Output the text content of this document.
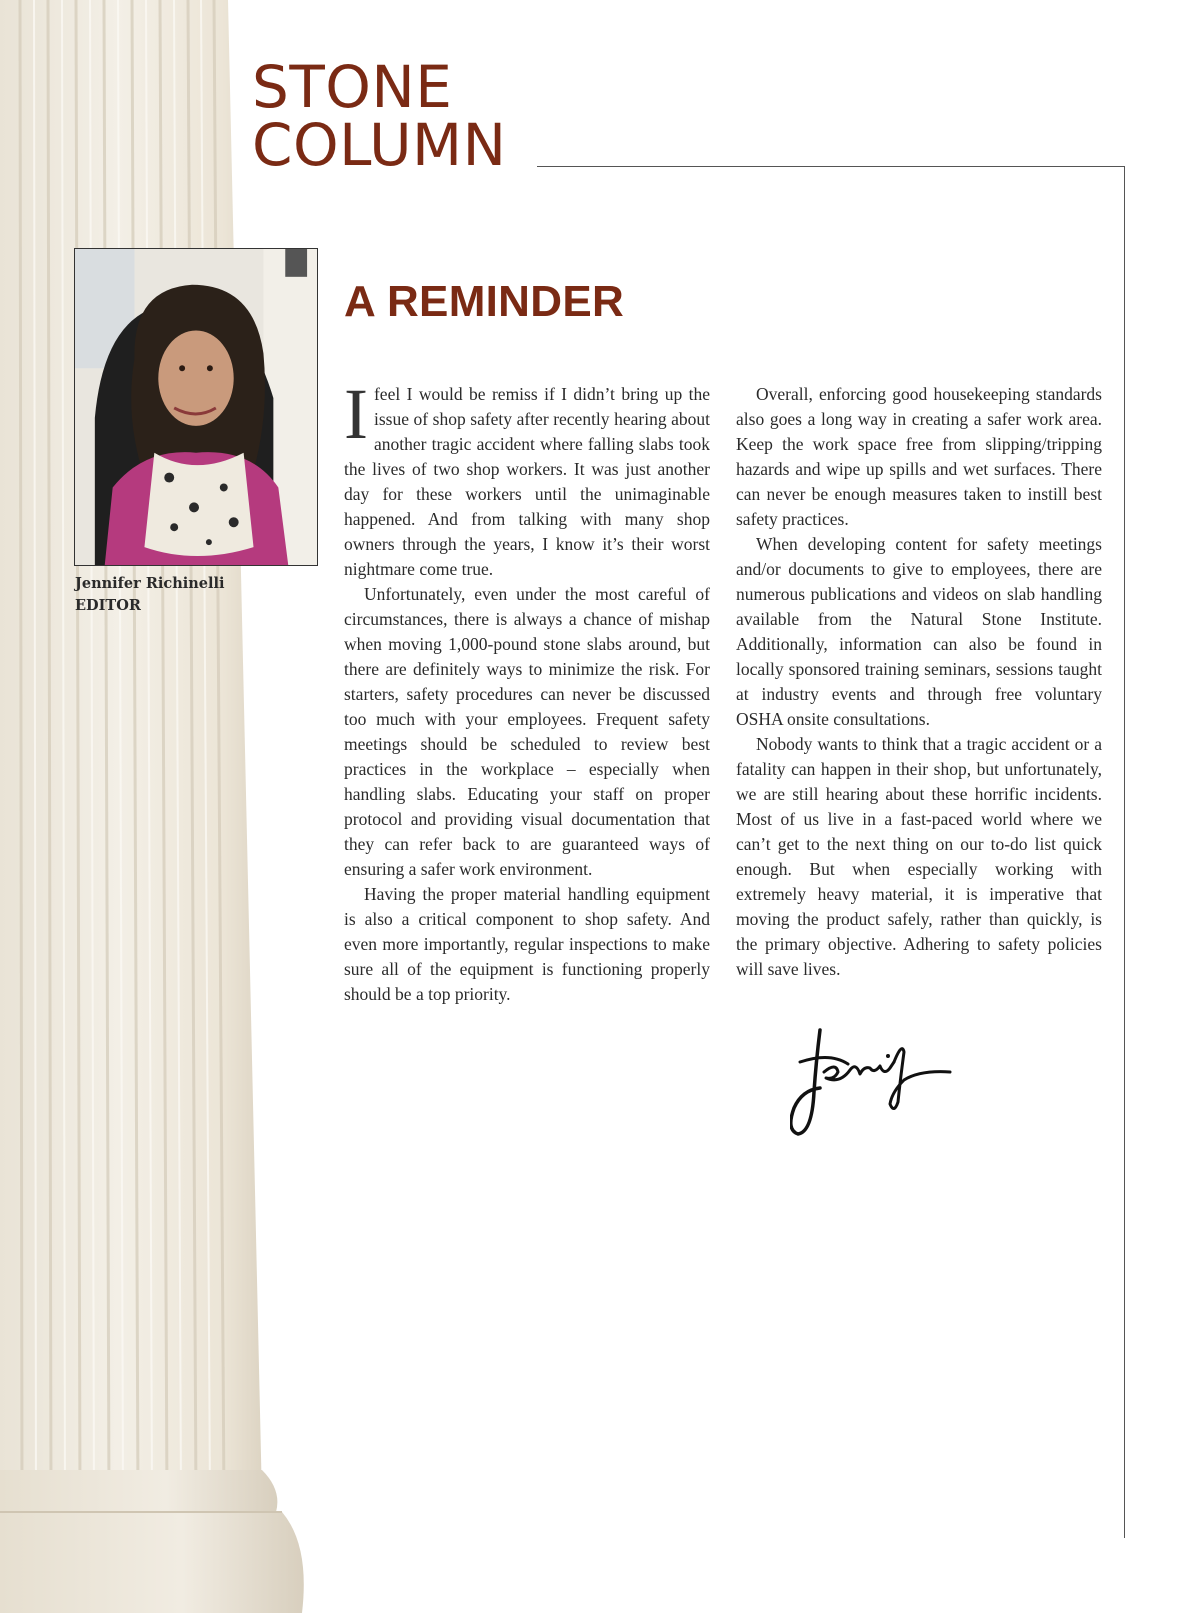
STONE
COLUMN
Jennifer Richinelli
EDITOR
A REMINDER

Ifeel I would be remiss if I didn’t bring up the issue of shop safety after recently hearing about another tragic accident where falling slabs took the lives of two shop workers. It was just another day for these workers until the unimaginable happened. And from talking with many shop owners through the years, I know it’s their worst nightmare come true.

Unfortunately, even under the most careful of circumstances, there is always a chance of mishap when moving 1,000-pound stone slabs around, but there are definitely ways to minimize the risk. For starters, safety procedures can never be discussed too much with your employees. Frequent safety meetings should be scheduled to review best practices in the workplace – especially when handling slabs. Educating your staff on proper protocol and providing visual documentation that they can refer back to are guaranteed ways of ensuring a safer work environment.

Having the proper material handling equipment is also a critical component to shop safety. And even more importantly, regular inspections to make sure all of the equipment is functioning properly should be a top priority.

Overall, enforcing good housekeeping standards also goes a long way in creating a safer work area. Keep the work space free from slipping/tripping hazards and wipe up spills and wet surfaces. There can never be enough measures taken to instill best safety practices.

When developing content for safety meetings and/or documents to give to employees, there are numerous publications and videos on slab handling available from the Natural Stone Institute. Additionally, information can also be found in locally sponsored training seminars, sessions taught at industry events and through free voluntary OSHA onsite consultations.

Nobody wants to think that a tragic accident or a fatality can happen in their shop, but unfortunately, we are still hearing about these horrific incidents. Most of us live in a fast-paced world where we can’t get to the next thing on our to-do list quick enough. But when especially working with extremely heavy material, it is imperative that moving the product safely, rather than quickly, is the primary objective. Adhering to safety policies will save lives.
